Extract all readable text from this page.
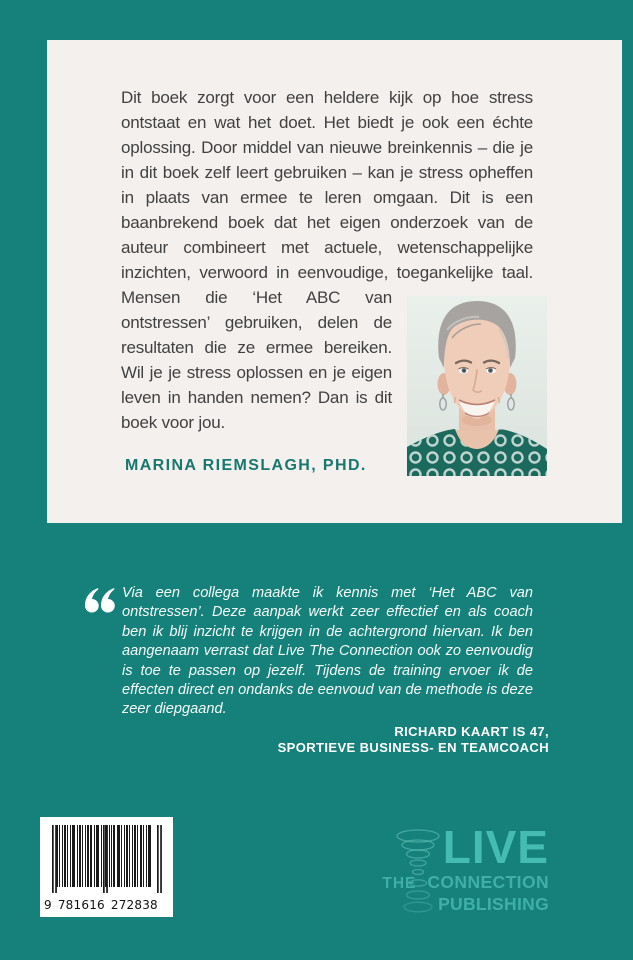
Dit boek zorgt voor een heldere kijk op hoe stress ontstaat en wat het doet. Het biedt je ook een échte oplossing. Door middel van nieuwe breinkennis – die je in dit boek zelf leert gebruiken – kan je stress opheffen in plaats van ermee te leren omgaan. Dit is een baanbrekend boek dat het eigen onderzoek van de auteur combineert met actuele, wetenschappelijke inzichten, verwoord in eenvoudige, toegankelijke taal.
Mensen die ‘Het ABC van ontstressen’ gebruiken, delen de resultaten die ze ermee bereiken. Wil je je stress oplossen en je eigen leven in handen nemen? Dan is dit boek voor jou.

MARINA RIEMSLAGH, PHD.
Via een collega maakte ik kennis met ‘Het ABC van ontstressen’. Deze aanpak werkt zeer effectief en als coach ben ik blij inzicht te krijgen in de achtergrond hiervan. Ik ben aangenaam verrast dat Live The Connection ook zo eenvoudig is toe te passen op jezelf. Tijdens de training ervoer ik de effecten direct en ondanks de eenvoud van de methode is deze zeer diepgaand.
RICHARD KAART IS 47,
SPORTIEVE BUSINESS- EN TEAMCOACH
9 781616 272838
LIVE
THE CONNECTION
PUBLISHING
